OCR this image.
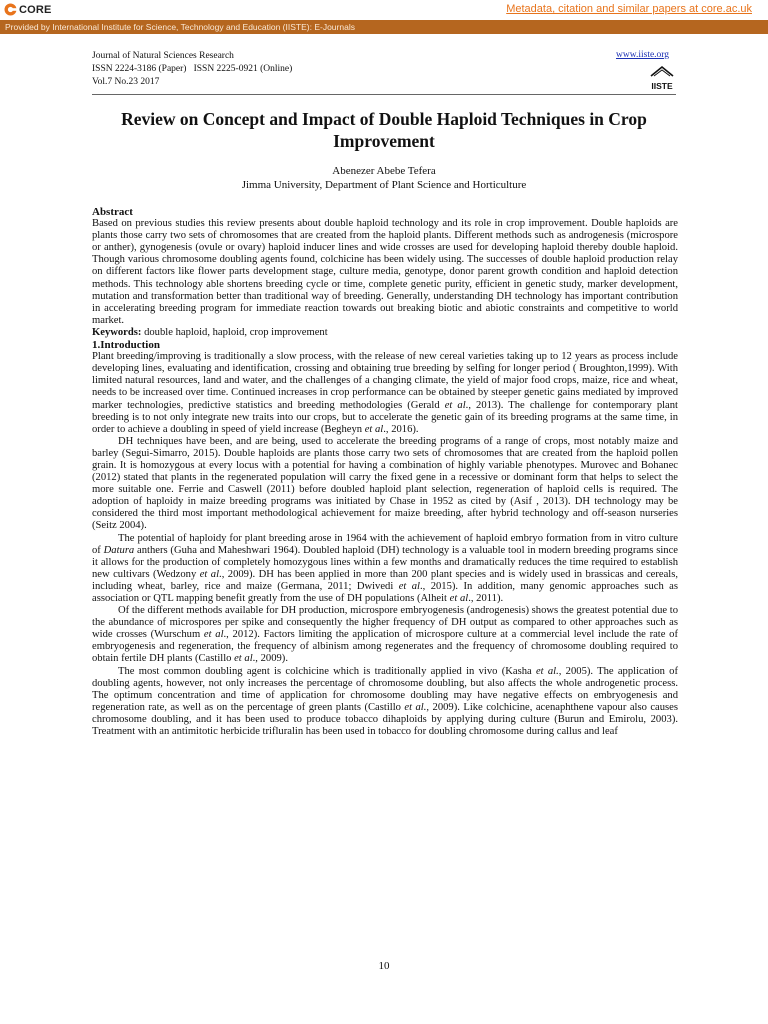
CORE	Metadata, citation and similar papers at core.ac.uk
Provided by International Institute for Science, Technology and Education (IISTE): E-Journals
Journal of Natural Sciences Research
ISSN 2224-3186 (Paper)   ISSN 2225-0921 (Online)
Vol.7 No.23 2017
www.iiste.org
IISTE
Review on Concept and Impact of Double Haploid Techniques in Crop Improvement
Abenezer Abebe Tefera
Jimma University, Department of Plant Science and Horticulture

Abstract

Based on previous studies this review presents about double haploid technology and its role in crop improvement. Double haploids are plants those carry two sets of chromosomes that are created from the haploid plants. Different methods such as androgenesis (microspore or anther), gynogenesis (ovule or ovary) haploid inducer lines and wide crosses are used for developing haploid thereby double haploid. Though various chromosome doubling agents found, colchicine has been widely using. The successes of double haploid production relay on different factors like flower parts development stage, culture media, genotype, donor parent growth condition and haploid detection methods. This technology able shortens breeding cycle or time, complete genetic purity, efficient in genetic study, marker development, mutation and transformation better than traditional way of breeding. Generally, understanding DH technology has important contribution in accelerating breeding program for immediate reaction towards out breaking biotic and abiotic constraints and competitive to world market.

Keywords: double haploid, haploid, crop improvement

1.Introduction

Plant breeding/improving is traditionally a slow process, with the release of new cereal varieties taking up to 12 years as process include developing lines, evaluating and identification, crossing and obtaining true breeding by selfing for longer period ( Broughton,1999). With limited natural resources, land and water, and the challenges of a changing climate, the yield of major food crops, maize, rice and wheat, needs to be increased over time. Continued increases in crop performance can be obtained by steeper genetic gains mediated by improved marker technologies, predictive statistics and breeding methodologies (Gerald et al., 2013). The challenge for contemporary plant breeding is to not only integrate new traits into our crops, but to accelerate the genetic gain of its breeding programs at the same time, in order to achieve a doubling in speed of yield increase (Begheyn et al., 2016).

DH techniques have been, and are being, used to accelerate the breeding programs of a range of crops, most notably maize and barley (Segui-Simarro, 2015). Double haploids are plants those carry two sets of chromosomes that are created from the haploid pollen grain. It is homozygous at every locus with a potential for having a combination of highly variable phenotypes. Murovec and Bohanec (2012) stated that plants in the regenerated population will carry the fixed gene in a recessive or dominant form that helps to select the more suitable one. Ferrie and Caswell (2011) before doubled haploid plant selection, regeneration of haploid cells is required. The adoption of haploidy in maize breeding programs was initiated by Chase in 1952 as cited by (Asif , 2013). DH technology may be considered the third most important methodological achievement for maize breeding, after hybrid technology and off-season nurseries (Seitz 2004).

The potential of haploidy for plant breeding arose in 1964 with the achievement of haploid embryo formation from in vitro culture of Datura anthers (Guha and Maheshwari 1964). Doubled haploid (DH) technology is a valuable tool in modern breeding programs since it allows for the production of completely homozygous lines within a few months and dramatically reduces the time required to establish new cultivars (Wedzony et al., 2009). DH has been applied in more than 200 plant species and is widely used in brassicas and cereals, including wheat, barley, rice and maize (Germana, 2011; Dwivedi et al., 2015). In addition, many genomic approaches such as association or QTL mapping benefit greatly from the use of DH populations (Alheit et al., 2011).

Of the different methods available for DH production, microspore embryogenesis (androgenesis) shows the greatest potential due to the abundance of microspores per spike and consequently the higher frequency of DH output as compared to other approaches such as wide crosses (Wurschum et al., 2012). Factors limiting the application of microspore culture at a commercial level include the rate of embryogenesis and regeneration, the frequency of albinism among regenerates and the frequency of chromosome doubling required to obtain fertile DH plants (Castillo et al., 2009).

The most common doubling agent is colchicine which is traditionally applied in vivo (Kasha et al., 2005). The application of doubling agents, however, not only increases the percentage of chromosome doubling, but also affects the whole androgenetic process. The optimum concentration and time of application for chromosome doubling may have negative effects on embryogenesis and regeneration rate, as well as on the percentage of green plants (Castillo et al., 2009). Like colchicine, acenaphthene vapour also causes chromosome doubling, and it has been used to produce tobacco dihaploids by applying during culture (Burun and Emirolu, 2003). Treatment with an antimitotic herbicide trifluralin has been used in tobacco for doubling chromosome during callus and leaf

10
